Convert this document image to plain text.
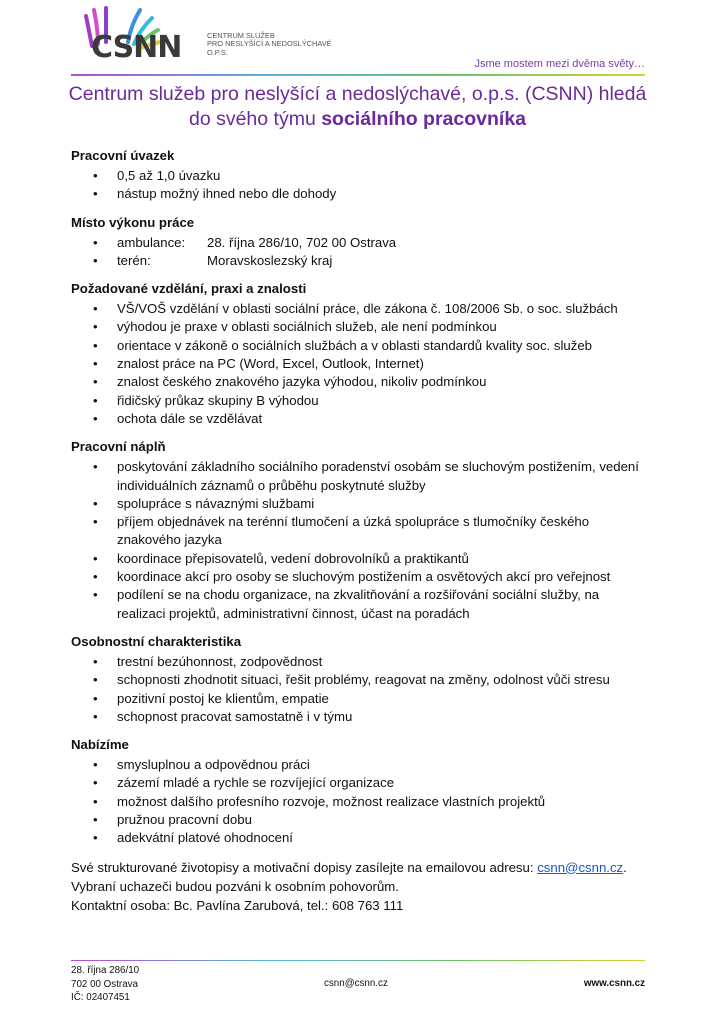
CSNN	CENTRUM SLUŽEB
PRO NESLYŠÍCÍ A NEDOSLÝCHAVÉ
O.P.S.
Jsme mostem mezi dvěma světy…
Centrum služeb pro neslyšící a nedoslýchavé, o.p.s. (CSNN) hledá do svého týmu sociálního pracovníka
Pracovní úvazek
• 0,5 až 1,0 úvazku
• nástup možný ihned nebo dle dohody
Místo výkonu práce
• ambulance: 28. října 286/10, 702 00 Ostrava
• terén:	Moravskoslezský kraj
Požadované vzdělání, praxi a znalosti
• VŠ/VOŠ vzdělání v oblasti sociální práce, dle zákona č. 108/2006 Sb. o soc. službách
• výhodou je praxe v oblasti sociálních služeb, ale není podmínkou
• orientace v zákoně o sociálních službách a v oblasti standardů kvality soc. služeb
• znalost práce na PC (Word, Excel, Outlook, Internet)
• znalost českého znakového jazyka výhodou, nikoliv podmínkou
• řidičský průkaz skupiny B výhodou
• ochota dále se vzdělávat
Pracovní náplň
• poskytování základního sociálního poradenství osobám se sluchovým postižením, vedení individuálních záznamů o průběhu poskytnuté služby
• spolupráce s návaznými službami
• příjem objednávek na terénní tlumočení a úzká spolupráce s tlumočníky českého znakového jazyka
• koordinace přepisovatelů, vedení dobrovolníků a praktikantů
• koordinace akcí pro osoby se sluchovým postižením a osvětových akcí pro veřejnost
• podílení se na chodu organizace, na zkvalitňování a rozšiřování sociální služby, na realizaci projektů, administrativní činnost, účast na poradách
Osobnostní charakteristika
• trestní bezúhonnost, zodpovědnost
• schopnosti zhodnotit situaci, řešit problémy, reagovat na změny, odolnost vůči stresu
• pozitivní postoj ke klientům, empatie
• schopnost pracovat samostatně i v týmu
Nabízíme
• smysluplnou a odpovědnou práci
• zázemí mladé a rychle se rozvíjející organizace
• možnost dalšího profesního rozvoje, možnost realizace vlastních projektů
• pružnou pracovní dobu
• adekvátní platové ohodnocení
Své strukturované životopisy a motivační dopisy zasílejte na emailovou adresu: csnn@csnn.cz.
Vybraní uchazeči budou pozváni k osobním pohovorům.
Kontaktní osoba: Bc. Pavlína Zarubová, tel.: 608 763 111
28. října 286/10
702 00 Ostrava
IČ: 02407451
csnn@csnn.cz	www.csnn.cz
